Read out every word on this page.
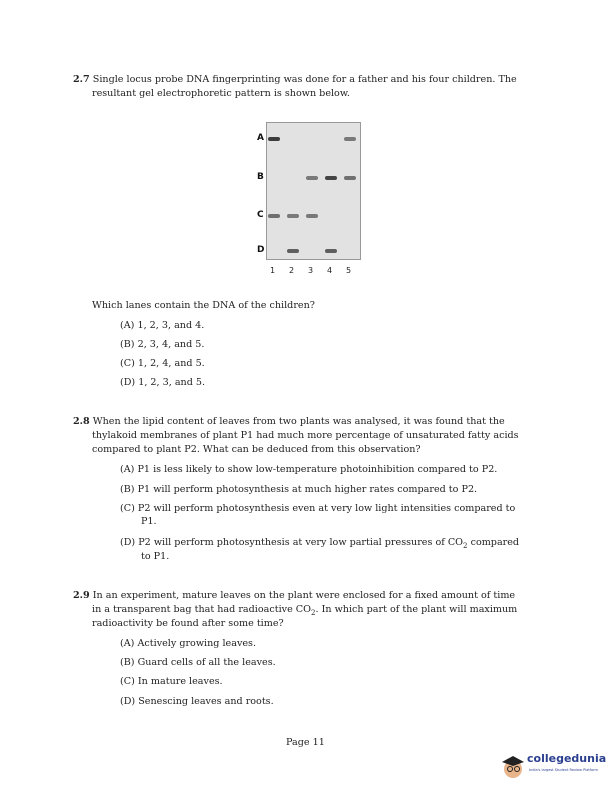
2.7 Single locus probe DNA fingerprinting was done for a father and his four children. The
resultant gel electrophoretic pattern is shown below.
A
B
C
D
1 2 3 4 5
Which lanes contain the DNA of the children?
(A) 1, 2, 3, and 4.
(B) 2, 3, 4, and 5.
(C) 1, 2, 4, and 5.
(D) 1, 2, 3, and 5.
2.8 When the lipid content of leaves from two plants was analysed, it was found that the
thylakoid membranes of plant P1 had much more percentage of unsaturated fatty acids
compared to plant P2. What can be deduced from this observation?
(A) P1 is less likely to show low-temperature photoinhibition compared to P2.
(B) P1 will perform photosynthesis at much higher rates compared to P2.
(C) P2 will perform photosynthesis even at very low light intensities compared to
P1.
(D) P2 will perform photosynthesis at very low partial pressures of $CO_2$ compared
to P1.
2.9 In an experiment, mature leaves on the plant were enclosed for a fixed amount of time
in a transparent bag that had radioactive $CO_2$. In which part of the plant will maximum
radioactivity be found after some time?
(A) Actively growing leaves.
(B) Guard cells of all the leaves.
(C) In mature leaves.
(D) Senescing leaves and roots.
Page 11
collegedunia
India's largest Student Review Platform
